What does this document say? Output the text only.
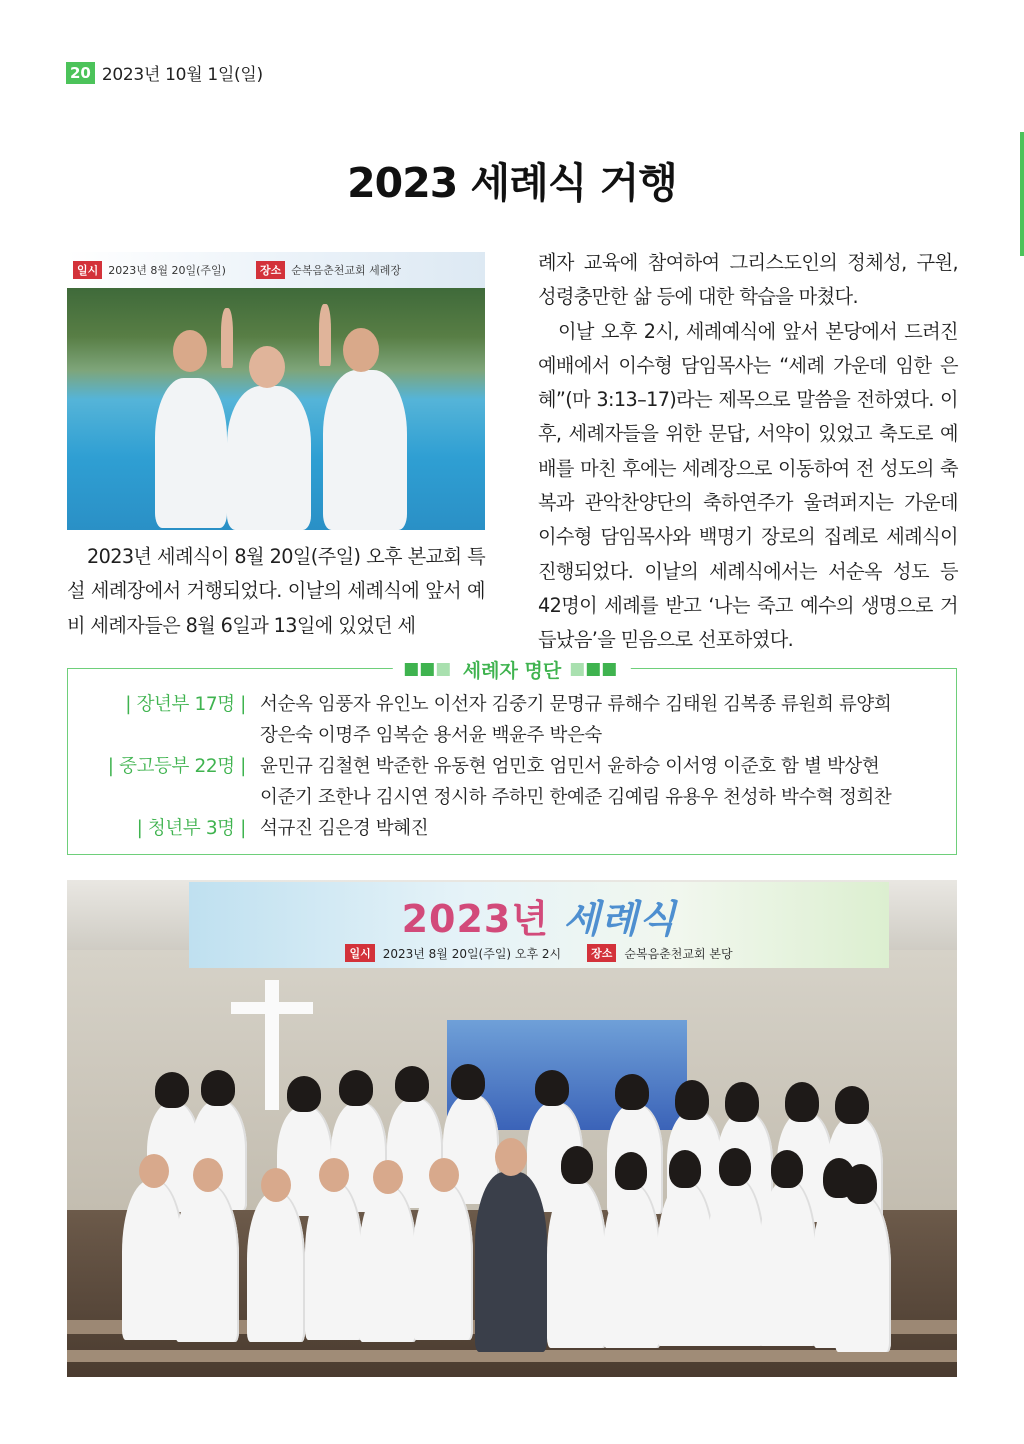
20 2023년 10월 1일(일)
2023 세례식 거행
일시 2023년 8월 20일(주일)	장소 순복음춘천교회 세례장

2023년 세례식이 8월 20일(주일) 오후 본교회 특설 세례장에서 거행되었다. 이날의 세례식에 앞서 예비 세례자들은 8월 6일과 13일에 있었던 세

례자 교육에 참여하여 그리스도인의 정체성, 구원, 성령충만한 삶 등에 대한 학습을 마쳤다.

이날 오후 2시, 세례예식에 앞서 본당에서 드려진 예배에서 이수형 담임목사는 “세례 가운데 임한 은혜”(마 3:13–17)라는 제목으로 말씀을 전하였다. 이후, 세례자들을 위한 문답, 서약이 있었고 축도로 예배를 마친 후에는 세례장으로 이동하여 전 성도의 축복과 관악찬양단의 축하연주가 울려퍼지는 가운데 이수형 담임목사와 백명기 장로의 집례로 세례식이 진행되었다. 이날의 세례식에서는 서순옥 성도 등 42명이 세례를 받고 ‘나는 죽고 예수의 생명으로 거듭났음’을 믿음으로 선포하였다.

세례자 명단
| 장년부 17명 | 서순옥 임풍자 유인노 이선자 김중기 문명규 류해수 김태원 김복종 류원희 류양희
장은숙 이명주 임복순 용서윤 백윤주 박은숙
| 중고등부 22명 | 윤민규 김철현 박준한 유동현 엄민호 엄민서 윤하승 이서영 이준호 함 별 박상현
이준기 조한나 김시연 정시하 주하민 한예준 김예림 유용우 천성하 박수혁 정희찬
| 청년부 3명 | 석규진 김은경 박혜진
2023년 세례식
일시	2023년 8월 20일(주일) 오후 2시	장소	순복음춘천교회 본당
